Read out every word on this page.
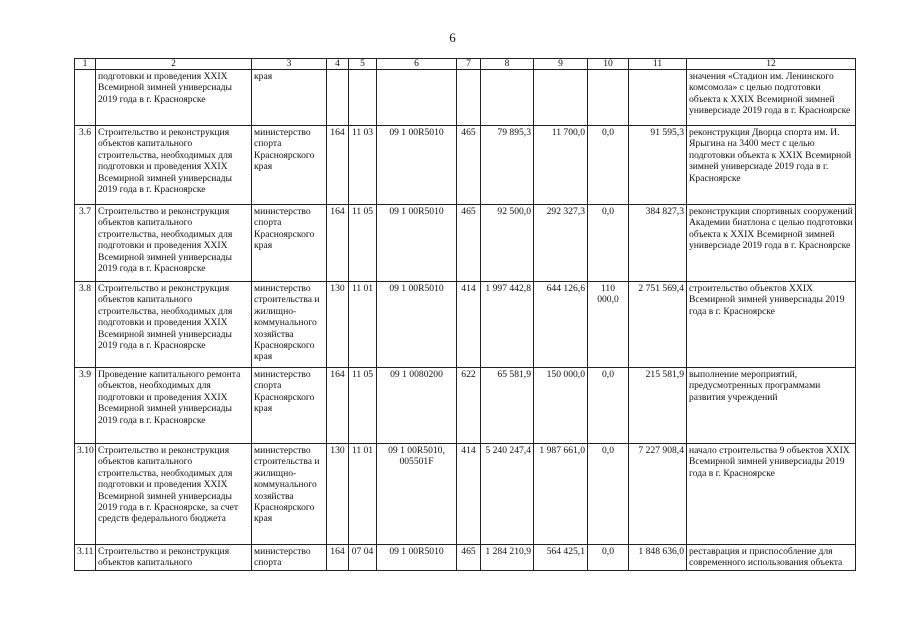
6
1	2	3	4	5	6	7	8	9	10	11	12
	подготовки и проведения XXIX Всемирной зимней универсиады 2019 года в г. Красноярске	края									значения «Стадион им. Ленинского комсомола» с целью подготовки объекта к XXIX Всемирной зимней универсиаде 2019 года в г. Красноярске
3.6	Строительство и реконструкция объектов капитального строительства, необходимых для подготовки и проведения XXIX Всемирной зимней универсиады 2019 года в г. Красноярске	министерство спорта Красноярского края	164	11 03	09 1 00R5010	465	79 895,3	11 700,0	0,0	91 595,3	реконструкция Дворца спорта им. И. Ярыгина на 3400 мест с целью подготовки объекта к XXIX Всемирной зимней универсиаде 2019 года в г. Красноярске
3.7	Строительство и реконструкция объектов капитального строительства, необходимых для подготовки и проведения XXIX Всемирной зимней универсиады 2019 года в г. Красноярске	министерство спорта Красноярского края	164	11 05	09 1 00R5010	465	92 500,0	292 327,3	0,0	384 827,3	реконструкция спортивных сооружений Академии биатлона с целью подготовки объекта к XXIX Всемирной зимней универсиаде 2019 года в г. Красноярске
3.8	Строительство и реконструкция объектов капитального строительства, необходимых для подготовки и проведения XXIX Всемирной зимней универсиады 2019 года в г. Красноярске	министерство строительства и жилищно-коммунального хозяйства Красноярского края	130	11 01	09 1 00R5010	414	1 997 442,8	644 126,6	110 000,0	2 751 569,4	строительство объектов XXIX Всемирной зимней универсиады 2019 года в г. Красноярске
3.9	Проведение капитального ремонта объектов, необходимых для подготовки и проведения XXIX Всемирной зимней универсиады 2019 года в г. Красноярске	министерство спорта Красноярского края	164	11 05	09 1 0080200	622	65 581,9	150 000,0	0,0	215 581,9	выполнение мероприятий, предусмотренных программами развития учреждений
3.10	Строительство и реконструкция объектов капитального строительства, необходимых для подготовки и проведения XXIX Всемирной зимней универсиады 2019 года в г. Красноярске, за счет средств федерального бюджета	министерство строительства и жилищно-коммунального хозяйства Красноярского края	130	11 01	09 1 00R5010, 005501F	414	5 240 247,4	1 987 661,0	0,0	7 227 908,4	начало строительства 9 объектов XXIX Всемирной зимней универсиады 2019 года в г. Красноярске
3.11	Строительство и реконструкция объектов капитального	министерство спорта	164	07 04	09 1 00R5010	465	1 284 210,9	564 425,1	0,0	1 848 636,0	реставрация и приспособление для современного использования объекта
